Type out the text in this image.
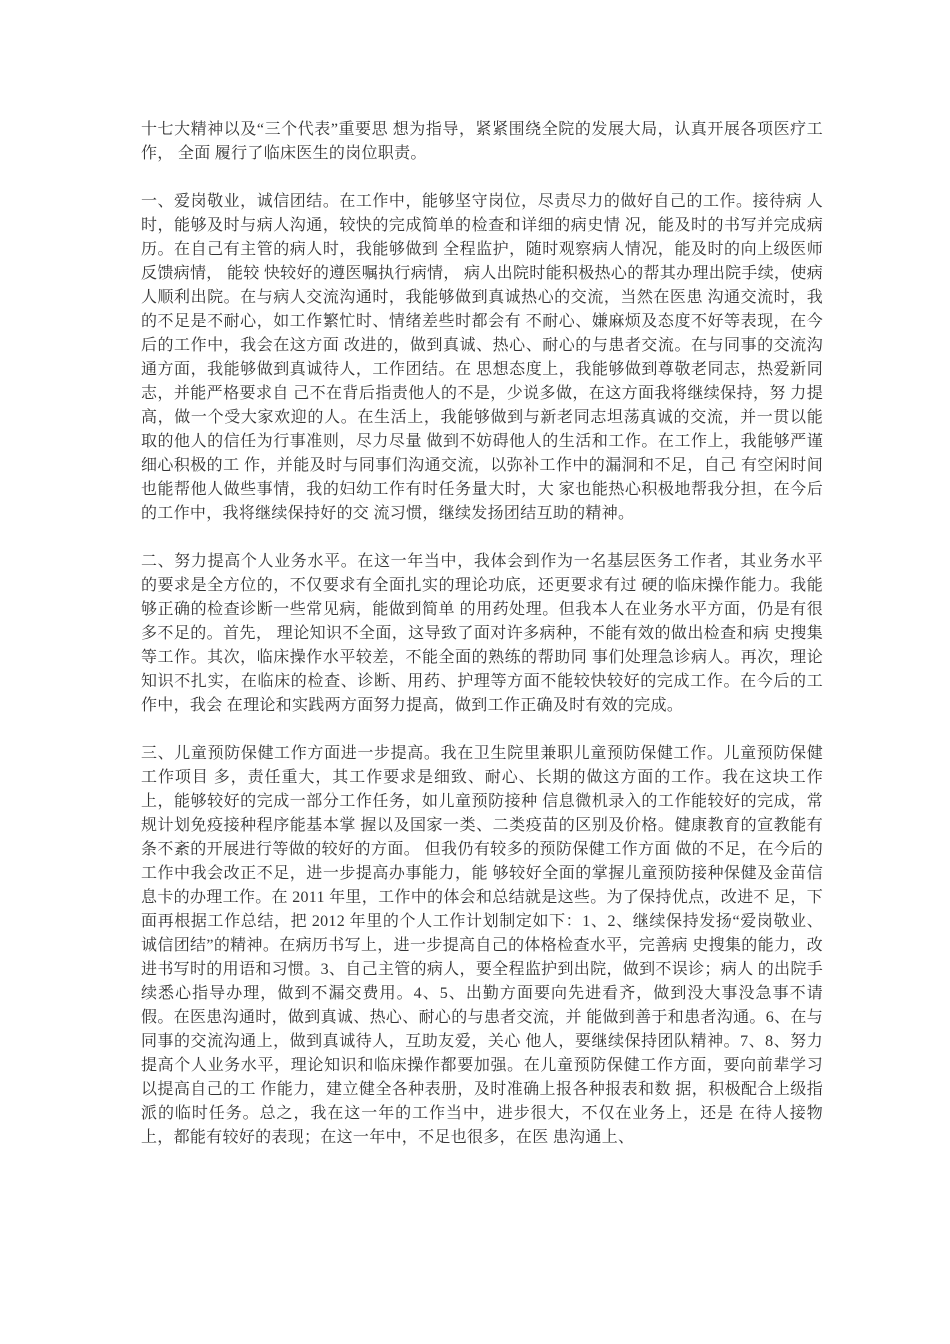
十七大精神以及“三个代表”重要思 想为指导，紧紧围绕全院的发展大局，认真开展各项医疗工作， 全面 履行了临床医生的岗位职责。

一、爱岗敬业，诚信团结。在工作中，能够坚守岗位，尽责尽力的做好自己的工作。接待病 人时，能够及时与病人沟通，较快的完成简单的检查和详细的病史情 况，能及时的书写并完成病历。在自己有主管的病人时，我能够做到 全程监护，随时观察病人情况，能及时的向上级医师反馈病情， 能较 快较好的遵医嘱执行病情， 病人出院时能积极热心的帮其办理出院手续，使病人顺利出院。在与病人交流沟通时，我能够做到真诚热心的交流，当然在医患 沟通交流时，我的不足是不耐心，如工作繁忙时、情绪差些时都会有 不耐心、嫌麻烦及态度不好等表现，在今后的工作中，我会在这方面 改进的，做到真诚、热心、耐心的与患者交流。在与同事的交流沟通方面，我能够做到真诚待人，工作团结。在 思想态度上，我能够做到尊敬老同志，热爱新同志，并能严格要求自 己不在背后指责他人的不是，少说多做，在这方面我将继续保持，努 力提高，做一个受大家欢迎的人。在生活上，我能够做到与新老同志坦荡真诚的交流，并一贯以能取的他人的信任为行事准则，尽力尽量 做到不妨碍他人的生活和工作。在工作上，我能够严谨细心积极的工 作，并能及时与同事们沟通交流，以弥补工作中的漏洞和不足，自己 有空闲时间也能帮他人做些事情，我的妇幼工作有时任务量大时，大 家也能热心积极地帮我分担，在今后的工作中，我将继续保持好的交 流习惯，继续发扬团结互助的精神。

二、努力提高个人业务水平。在这一年当中，我体会到作为一名基层医务工作者，其业务水平 的要求是全方位的，不仅要求有全面扎实的理论功底，还更要求有过 硬的临床操作能力。我能够正确的检查诊断一些常见病，能做到简单 的用药处理。但我本人在业务水平方面，仍是有很多不足的。首先， 理论知识不全面，这导致了面对许多病种，不能有效的做出检查和病 史搜集等工作。其次，临床操作水平较差，不能全面的熟练的帮助同 事们处理急诊病人。再次，理论知识不扎实，在临床的检查、诊断、用药、护理等方面不能较快较好的完成工作。在今后的工作中，我会 在理论和实践两方面努力提高，做到工作正确及时有效的完成。

三、儿童预防保健工作方面进一步提高。我在卫生院里兼职儿童预防保健工作。儿童预防保健工作项目 多，责任重大，其工作要求是细致、耐心、长期的做这方面的工作。我在这块工作上，能够较好的完成一部分工作任务，如儿童预防接种 信息微机录入的工作能较好的完成，常规计划免疫接种程序能基本掌 握以及国家一类、二类疫苗的区别及价格。健康教育的宣教能有条不紊的开展进行等做的较好的方面。 但我仍有较多的预防保健工作方面 做的不足，在今后的工作中我会改正不足，进一步提高办事能力，能 够较好全面的掌握儿童预防接种保健及金苗信息卡的办理工作。在 2011 年里，工作中的体会和总结就是这些。为了保持优点，改进不 足，下面再根据工作总结，把 2012 年里的个人工作计划制定如下：1、2、继续保持发扬“爱岗敬业、诚信团结”的精神。在病历书写上，进一步提高自己的体格检查水平，完善病 史搜集的能力，改进书写时的用语和习惯。3、自己主管的病人，要全程监护到出院，做到不误诊；病人 的出院手续悉心指导办理，做到不漏交费用。4、5、出勤方面要向先进看齐，做到没大事没急事不请假。在医患沟通时，做到真诚、热心、耐心的与患者交流，并 能做到善于和患者沟通。6、在与同事的交流沟通上，做到真诚待人，互助友爱，关心 他人，要继续保持团队精神。7、8、努力提高个人业务水平，理论知识和临床操作都要加强。在儿童预防保健工作方面，要向前辈学习以提高自己的工 作能力，建立健全各种表册，及时准确上报各种报表和数 据，积极配合上级指派的临时任务。总之，我在这一年的工作当中，进步很大，不仅在业务上，还是 在待人接物上，都能有较好的表现；在这一年中，不足也很多，在医 患沟通上、
